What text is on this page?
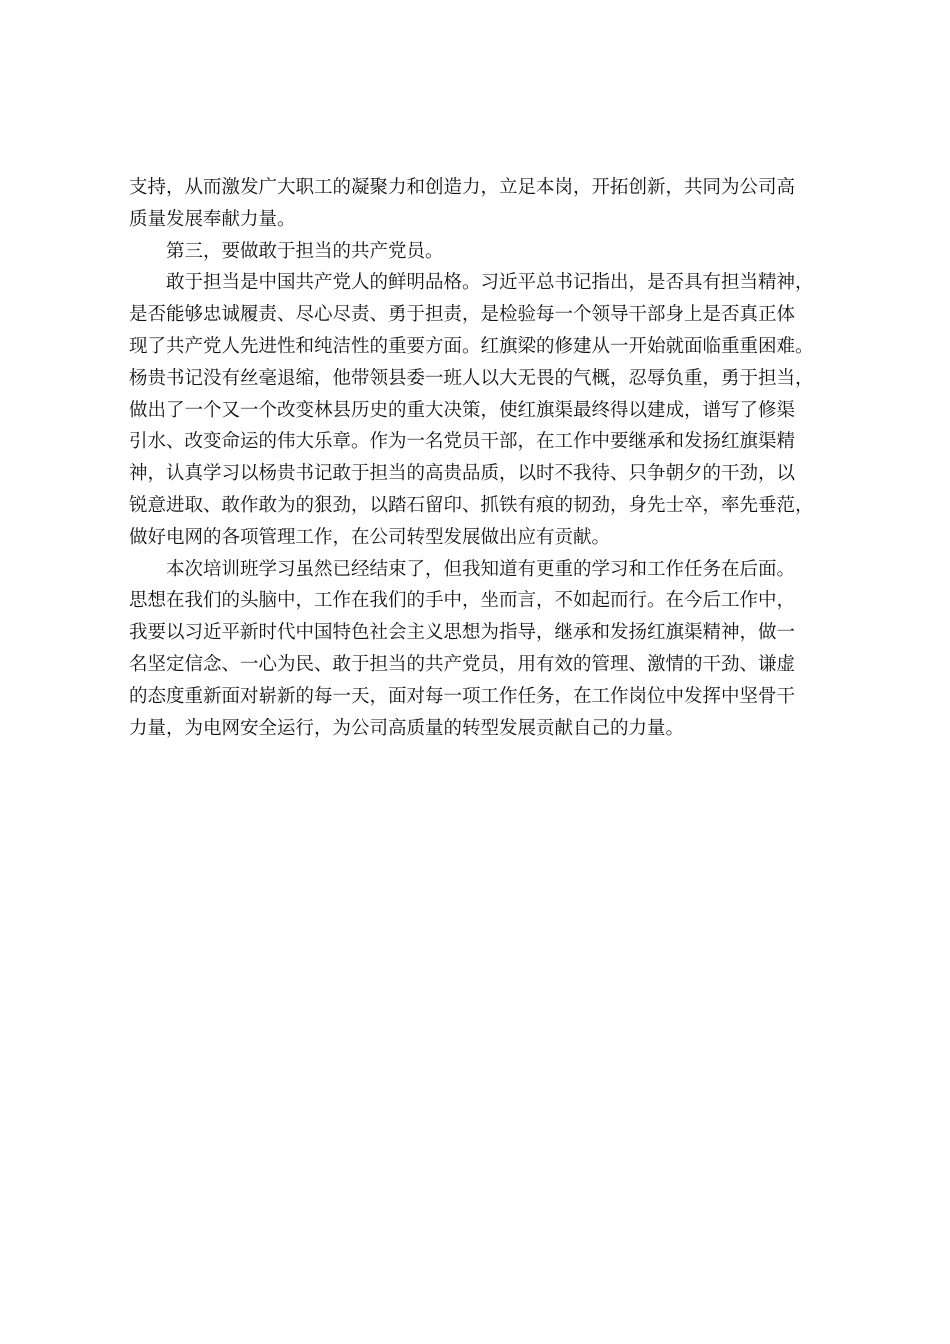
支持，从而激发广大职工的凝聚力和创造力，立足本岗，开拓创新，共同为公司高
质量发展奉献力量。
第三，要做敢于担当的共产党员。
敢于担当是中国共产党人的鲜明品格。习近平总书记指出，是否具有担当精神，
是否能够忠诚履责、尽心尽责、勇于担责，是检验每一个领导干部身上是否真正体
现了共产党人先进性和纯洁性的重要方面。红旗梁的修建从一开始就面临重重困难。
杨贵书记没有丝毫退缩，他带领县委一班人以大无畏的气概，忍辱负重，勇于担当，
做出了一个又一个改变林县历史的重大决策，使红旗渠最终得以建成，谱写了修渠
引水、改变命运的伟大乐章。作为一名党员干部，在工作中要继承和发扬红旗渠精
神，认真学习以杨贵书记敢于担当的高贵品质，以时不我待、只争朝夕的干劲，以
锐意进取、敢作敢为的狠劲，以踏石留印、抓铁有痕的韧劲，身先士卒，率先垂范，
做好电网的各项管理工作，在公司转型发展做出应有贡献。
本次培训班学习虽然已经结束了，但我知道有更重的学习和工作任务在后面。
思想在我们的头脑中，工作在我们的手中，坐而言，不如起而行。在今后工作中，
我要以习近平新时代中国特色社会主义思想为指导，继承和发扬红旗渠精神，做一
名坚定信念、一心为民、敢于担当的共产党员，用有效的管理、激情的干劲、谦虚
的态度重新面对崭新的每一天，面对每一项工作任务，在工作岗位中发挥中坚骨干
力量，为电网安全运行，为公司高质量的转型发展贡献自己的力量。
